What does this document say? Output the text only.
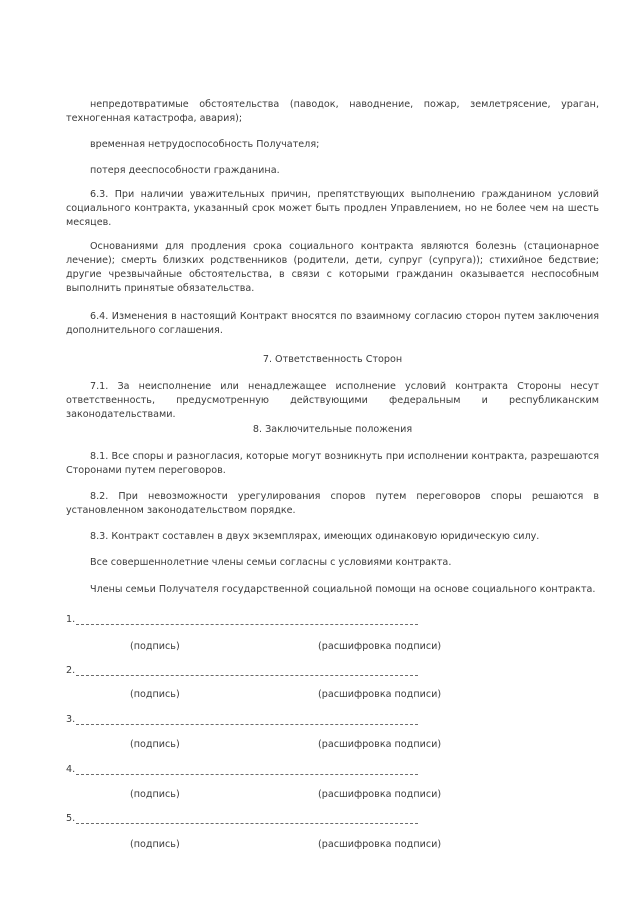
непредотвратимые обстоятельства (паводок, наводнение, пожар, землетрясение, ураган, техногенная катастрофа, авария);

временная нетрудоспособность Получателя;

потеря дееспособности гражданина.

6.3. При наличии уважительных причин, препятствующих выполнению гражданином условий социального контракта, указанный срок может быть продлен Управлением, но не более чем на шесть месяцев.

Основаниями для продления срока социального контракта являются болезнь (стационарное лечение); смерть близких родственников (родители, дети, супруг (супруга)); стихийное бедствие; другие чрезвычайные обстоятельства, в связи с которыми гражданин оказывается неспособным выполнить принятые обязательства.

6.4. Изменения в настоящий Контракт вносятся по взаимному согласию сторон путем заключения дополнительного соглашения.

7. Ответственность Сторон

7.1. За неисполнение или ненадлежащее исполнение условий контракта Стороны несут ответственность, предусмотренную действующими федеральным и республиканским законодательствами.

8. Заключительные положения

8.1. Все споры и разногласия, которые могут возникнуть при исполнении контракта, разрешаются Сторонами путем переговоров.

8.2. При невозможности урегулирования споров путем переговоров споры решаются в установленном законодательством порядке.

8.3. Контракт составлен в двух экземплярах, имеющих одинаковую юридическую силу.

Все совершеннолетние члены семьи согласны с условиями контракта.

Члены семьи Получателя государственной социальной помощи на основе социального контракта.

1.
(подпись)	(расшифровка подписи)
2.
(подпись)	(расшифровка подписи)
3.
(подпись)	(расшифровка подписи)
4.
(подпись)	(расшифровка подписи)
5.
(подпись)	(расшифровка подписи)
